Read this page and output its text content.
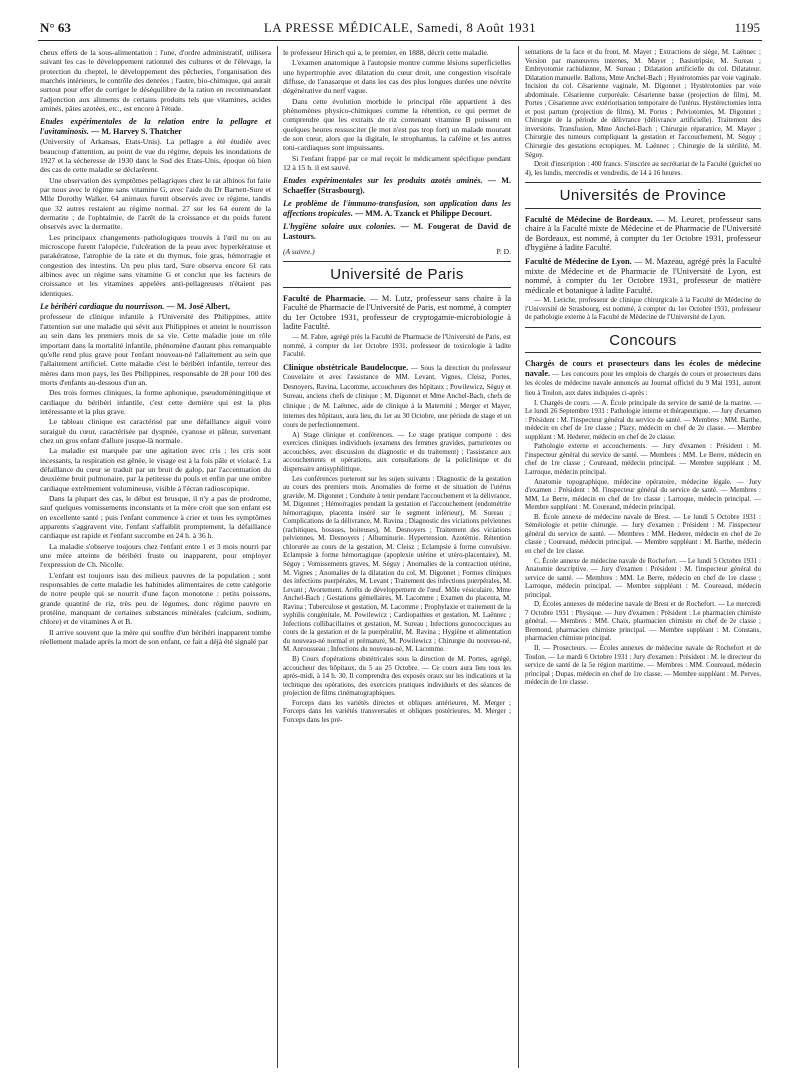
N° 63	LA PRESSE MÉDICALE, Samedi, 8 Août 1931	1195

cheux effets de la sous-alimentation : l'une, d'ordre administratif, utilisera suivant les cas le développement rationnel des cultures et de l'élevage, la protection du cheptel, le développement des pêcheries, l'organisation des marchés intérieurs, le contrôle des denrées ; l'autre, bio-chimique, qui aurait surtout pour effet de corriger le déséquilibre de la ration en recommandant l'adjonction aux aliments de certains produits tels que vitamines, acides aminés, pâtes azotées, etc., est encore à l'étude.

Etudes expérimentales de la relation entre la pellagre et l'avitaminosis. — M. Harvey S. Thatcher

(University of Arkansas, Etats-Unis). La pellagre a été étudiée avec beaucoup d'attention, au point de vue du régime, depuis les inondations de 1927 et la sécheresse de 1930 dans le Sud des Etats-Unis, époque où bien des cas de cette maladie se déclarèrent.

Une observation des symptômes pellagriques chez le rat albinos fut faite par nous avec le régime sans vitamine G, avec l'aide du Dr Barnett-Sure et Mlle Dorothy Walker. 64 animaux furent observés avec ce régime, tandis que 32 autres restaient au régime normal. 27 sur les 64 eurent de la dermatite ; de l'ophtalmie, de l'arrêt de la croissance et du poids furent observés avec la dermatite.

Les principaux changements pathologiques trouvés à l'œil nu ou au microscope furent l'alopécie, l'ulcération de la peau avec hyperkératose et parakératose, l'atrophie de la rate et du thymus, foie gras, hémorragie et congestion des intestins. Un peu plus tard, Sure observa encore 61 rats albinos avec un régime sans vitamine G et conclut que les facteurs de croissance et les vitamines appelées anti-pellagreuses n'étaient pas identiques.

Le béribéri cardiaque du nourrisson. — M. José Albert,

professeur de clinique infantile à l'Université des Philippines, attire l'attention sur une maladie qui sévit aux Philippines et atteint le nourrisson au sein dans les premiers mois de sa vie. Cette maladie joue un rôle important dans la mortalité infantile, phénomène d'autant plus remarquable qu'elle rend plus grave pour l'enfant nouveau-né l'allaitement au sein que l'allaitement artificiel. Cette maladie c'est le béribéri infantile, terreur des mères dans mon pays, les îles Philippines, responsable de 28 pour 100 des morts d'enfants au-dessous d'un an.

Des trois formes cliniques, la forme aphonique, pseudoméningitique et cardiaque du béribéri infantile, c'est cette dernière qui est la plus intéressante et la plus grave.

Le tableau clinique est caractérisé par une défaillance aiguë voire suraiguë du cœur, caractérisée par dyspnée, cyanose et pâleur, survenant chez un gros enfant d'allure jusque-là normale.

La maladie est marquée par une agitation avec cris ; les cris sont incessants, la respiration est gênée, le visage est à la fois pâle et violacé. La défaillance du cœur se traduit par un bruit de galop, par l'accentuation du deuxième bruit pulmonaire, par la petitesse du pouls et enfin par une ombre cardiaque extrêmement volumineuse, visible à l'écran radioscopique.

Dans la plupart des cas, le début est brusque, il n'y a pas de prodrome, sauf quelques vomissements inconstants et la mère croit que son enfant est en excellente santé ; puis l'enfant commence à crier et tous les symptômes apparents s'aggravent vite, l'enfant s'affaiblit promptement, la défaillance cardiaque est rapide et l'enfant succombe en 24 h. à 36 h.

La maladie s'observe toujours chez l'enfant entre 1 et 3 mois nourri par une mère atteinte de béribéri fruste ou inapparent, pour employer l'expression de Ch. Nicolle.

L'enfant est toujours issu des milieux pauvres de la population ; sont responsables de cette maladie les habitudes alimentaires de cette catégorie de notre peuple qui se nourrit d'une façon monotone : petits poissons, grande quantité de riz, très peu de légumes, donc régime pauvre en protéine, manquant de certaines substances minérales (calcium, sodium, chlore) et de vitamines A et B.

Il arrive souvent que la mère qui souffre d'un béribéri inapparent tombe réellement malade après la mort de son enfant, ce fait a déjà été signalé par

le professeur Hirsch qui a, le premier, en 1888, décrit cette maladie.

L'examen anatomique à l'autopsie montre comme lésions superficielles une hypertrophie avec dilatation du cœur droit, une congestion viscérale diffuse, de l'anasarque et dans les cas des plus longues durées une névrite dégénérative du nerf vague.

Dans cette évolution morbide le principal rôle appartient à des phénomènes physico-chimiques comme la rétention, ce qui permet de comprendre que les extraits de riz contenant vitamine B puissent en quelques heures ressusciter (le mot n'est pas trop fort) un malade mourant de son cœur, alors que la digitale, le strophantus, la caféine et les autres toni-cardiaques sont impuissants.

Si l'enfant frappé par ce mal reçoit le médicament spécifique pendant 12 à 15 h. il est sauvé.

Etudes expérimentales sur les produits azotés aminés. — M. Schaeffer (Strasbourg).

Le problème de l'immuno-transfusion, son application dans les affections tropicales. — MM. A. Tzanck et Philippe Decourt.

L'hygiène solaire aux colonies. — M. Fougerat de David de Lastours.

(A suivre.)	P. D.

Université de Paris

Faculté de Pharmacie. — M. Lutz, professeur sans chaire à la Faculté de Pharmacie de l'Université de Paris, est nommé, à compter du 1er Octobre 1931, professeur de cryptogamie-microbiologie à ladite Faculté.

— M. Fabre, agrégé près la Faculté de Pharmacie de l'Université de Paris, est nommé, à compter du 1er Octobre 1931, professeur de toxicologie à ladite Faculté.

Clinique obstétricale Baudelocque. — Sous la direction du professeur Couvelaire et avec l'assistance de MM. Levant, Vignes, Cleisz, Portes, Desnoyers, Ravina, Lacomme, accoucheurs des hôpitaux ; Powilewicz, Séguy et Sureau, anciens chefs de clinique ; M. Digonnet et Mme Anchel-Bach, chefs de clinique ; de M. Laënnec, aide de clinique à la Maternité ; Merger et Mayer, internes des hôpitaux, aura lieu, du 1er au 30 Octobre, une période de stage et un cours de perfectionnement.

A) Stage clinique et conférences. — Le stage pratique comporte : des exercices cliniques individuels (examens des femmes gravides, parturientes ou accouchées, avec discussion du diagnostic et du traitement) ; l'assistance aux accouchements et opérations, aux consultations de la policlinique et du dispensaire antisyphilitique.

Les conférences porteront sur les sujets suivants : Diagnostic de la gestation au cours des premiers mois. Anomalies de forme et de situation de l'utérus gravide, M. Digonnet ; Conduite à tenir pendant l'accouchement et la délivrance, M. Digonnet ; Hémorragies pendant la gestation et l'accouchement (endométrite hémorragique, placenta inséré sur le segment inférieur), M. Sureau ; Complications de la délivrance, M. Ravina ; Diagnostic des viciations pelviennes (rachitiques, bossues, boiteuses), M. Desnoyers ; Traitement des viciations pelviennes, M. Desnoyers ; Albuminurie. Hypertension. Azotémie. Rétention chlorurée au cours de la gestation, M. Cleisz ; Eclampsie à forme convulsive. Eclampsie à forme hémorragique (apoplexie utérine et utéro-placentaire), M. Séguy ; Vomissements graves, M. Séguy ; Anomalies de la contraction utérine, M. Vignes ; Anomalies de la dilatation du col, M. Digonnet ; Formes cliniques des infections puerpérales, M. Levant ; Traitement des infections puerpérales, M. Levant ; Avortement. Arrêts de développement de l'œuf. Môle vésiculaire, Mme Anchel-Bach ; Gestations gémellaires, M. Lacomme ; Examen du placenta, M. Ravina ; Tuberculose et gestation, M. Lacomme ; Prophylaxie et traitement de la syphilis congénitale, M. Powilewicz ; Cardiopathies et gestation, M. Laënnec ; Infections collibacillaires et gestation, M. Sureau ; Infections gonococciques au cours de la gestation et de la puerpéralité, M. Ravina ; Hygiène et alimentation du nouveau-né normal et prématuré, M. Powilewicz ; Chirurgie du nouveau-né, M. Aurousseau ; Infections du nouveau-né, M. Lacomme.

B) Cours d'opérations obstétricales sous la direction de M. Portes, agrégé, accoucheur des hôpitaux, du 5 au 25 Octobre. — Ce cours aura lieu tous les après-midi, à 14 h. 30. Il comprendra des exposés oraux sur les indications et la technique des opérations, des exercices pratiques individuels et des séances de projection de films cinématographiques.

Forceps dans les variétés directes et obliques antérieures, M. Merger ; Forceps dans les variétés transversales et obliques postérieures, M. Merger ; Forceps dans les pré-

sentations de la face et du front, M. Mayer ; Extractions de siège, M. Laënnec ; Version par manœuvres internes, M. Mayer ; Basiotripsie, M. Sureau ; Embryotomie rachidienne, M. Sureau ; Dilatation artificielle du col. Dilatateur. Dilatation manuelle. Ballons, Mme Anchel-Bach ; Hystérotomies par voie vaginale. Incision du col. Césarienne vaginale, M. Digonnet ; Hystérotomies par voie abdominale. Césarienne corporéale. Césarienne basse (projection de film), M. Portes ; Césarienne avec extériorisation temporaire de l'utérus. Hystérectomies intra et post partum (projection de films), M. Portes ; Pelviotomies, M. Digonnet ; Chirurgie de la période de délivrance (délivrance artificielle). Traitement des inversions. Transfusion, Mme Anchel-Bach ; Chirurgie réparatrice, M. Mayer ; Chirurgie des tumeurs compliquant la gestation et l'accouchement, M. Séguy ; Chirurgie des gestations ectopiques, M. Laënnec ; Chirurgie de la stérilité, M. Séguy.

Droit d'inscription : 400 francs. S'inscrire au secrétariat de la Faculté (guichet no 4), les lundis, mercredis et vendredis, de 14 à 16 heures.

Universités de Province

Faculté de Médecine de Bordeaux. — M. Leuret, professeur sans chaire à la Faculté mixte de Médecine et de Pharmacie de l'Université de Bordeaux, est nommé, à compter du 1er Octobre 1931, professeur d'hygiène à ladite Faculté.

Faculté de Médecine de Lyon. — M. Mazeau, agrégé près la Faculté mixte de Médecine et de Pharmacie de l'Université de Lyon, est nommé, à compter du 1er Octobre 1931, professeur de matière médicale et botanique à ladite Faculté.

— M. Leriche, professeur de clinique chirurgicale à la Faculté de Médecine de l'Université de Strasbourg, est nommé, à compter du 1er Octobre 1931, professeur de pathologie externe à la Faculté de Médecine de l'Université de Lyon.

Concours

Chargés de cours et prosecteurs dans les écoles de médecine navale. — Les concours pour les emplois de chargés de cours et prosecteurs dans les écoles de médecine navale annoncés au Journal officiel du 9 Mai 1931, auront lieu à Toulon, aux dates indiquées ci-après :

I. Chargés de cours. — A. École principale du service de santé de la marine. — Le lundi 26 Septembre 1931 : Pathologie interne et thérapeutique. — Jury d'examen : Président : M. l'inspecteur général du service de santé. — Membres : MM. Barthe, médecin en chef de 1re classe ; Plazy, médecin en chef de 2e classe. — Membre suppléant : M. Hederer, médecin en chef de 2e classe.

Pathologie externe et accouchements. — Jury d'examen : Président : M. l'inspecteur général du service de santé. — Membres : MM. Le Berre, médecin en chef de 1re classe ; Coureaud, médecin principal. — Membre suppléant : M. Larroque, médecin principal.

Anatomie topographique, médecine opératoire, médecine légale. — Jury d'examen : Président : M. l'inspecteur général du service de santé. — Membres : MM. Le Berre, médecin en chef de 1re classe ; Larroque, médecin principal. — Membre suppléant : M. Coureaud, médecin principal.

B. École annexe de médecine navale de Brest. — Le lundi 5 Octobre 1931 : Séméiologie et petite chirurgie. — Jury d'examen : Président : M. l'inspecteur général du service de santé. — Membres : MM. Hederer, médecin en chef de 2e classe ; Coureaud, médecin principal. — Membre suppléant : M. Barthe, médecin en chef de 1re classe.

C. École annexe de médecine navale de Rochefort. — Le lundi 5 Octobre 1931 : Anatomie descriptive. — Jury d'examen : Président : M. l'inspecteur général du service de santé. — Membres : MM. Le Berre, médecin en chef de 1re classe ; Larroque, médecin principal. — Membre suppléant : M. Coureaud, médecin principal.

D. Écoles annexes de médecine navale de Brest et de Rochefort. — Le mercredi 7 Octobre 1931 : Physique. — Jury d'examen : Président : Le pharmacien chimiste général. — Membres : MM. Chaix, pharmacien chimiste en chef de 2e classe ; Bremond, pharmacien chimiste principal. — Membre suppléant : M. Constans, pharmacien chimiste principal.

II. — Prosecteurs. — Écoles annexes de médecine navale de Rochefort et de Toulon. — Le mardi 6 Octobre 1931 : Jury d'examen : Président : M. le directeur du service de santé de la 5e région maritime. — Membres : MM. Coureaud, médecin principal ; Dupas, médecin en chef de 1re classe. — Membre suppléant : M. Perves, médecin de 1re classe.
